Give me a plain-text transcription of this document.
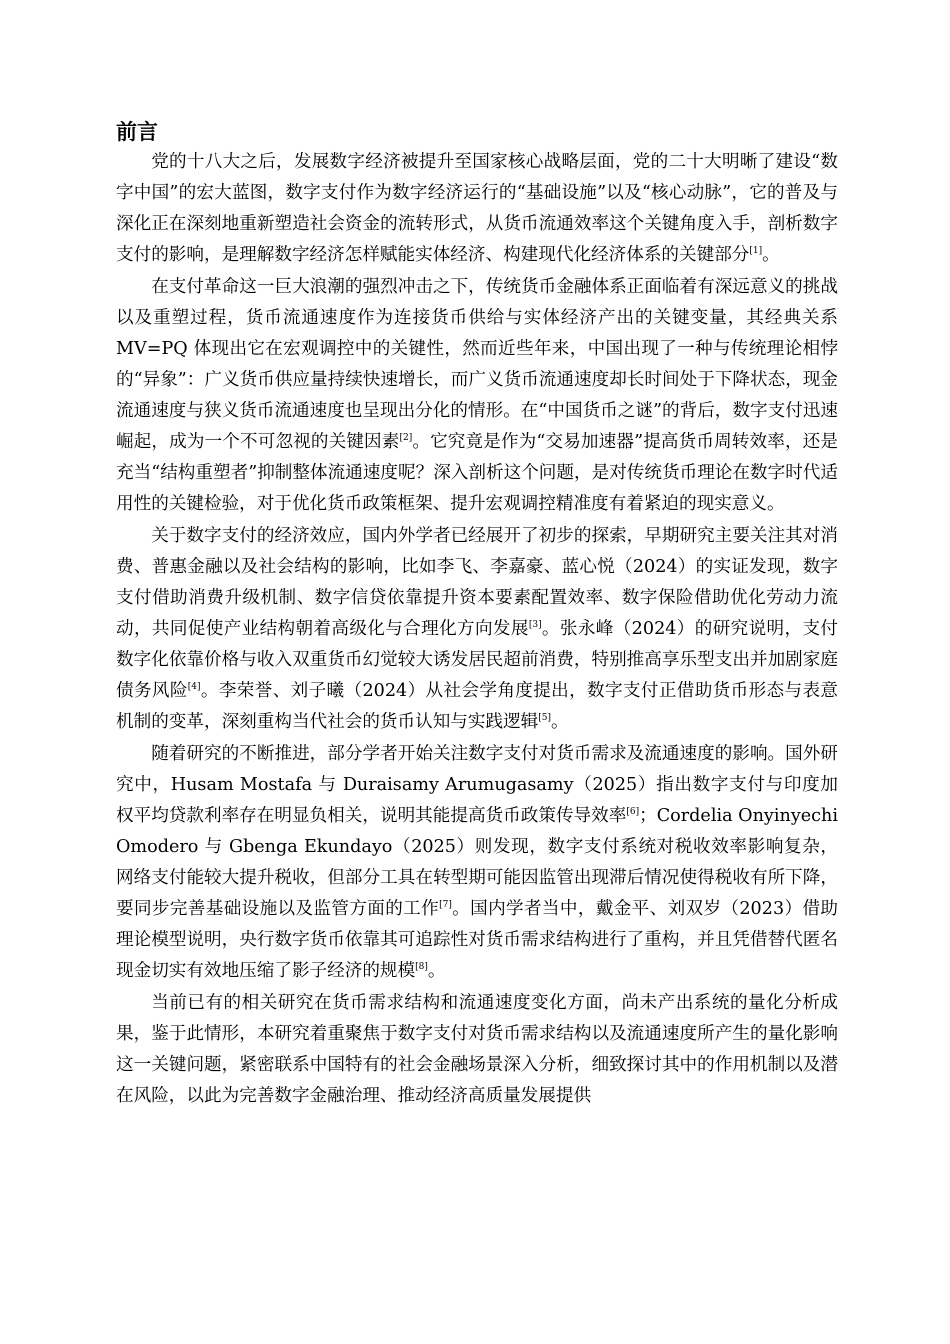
前言

党的十八大之后，发展数字经济被提升至国家核心战略层面，党的二十大明晰了建设“数字中国”的宏大蓝图，数字支付作为数字经济运行的“基础设施”以及“核心动脉”，它的普及与深化正在深刻地重新塑造社会资金的流转形式，从货币流通效率这个关键角度入手，剖析数字支付的影响，是理解数字经济怎样赋能实体经济、构建现代化经济体系的关键部分[1]。

在支付革命这一巨大浪潮的强烈冲击之下，传统货币金融体系正面临着有深远意义的挑战以及重塑过程，货币流通速度作为连接货币供给与实体经济产出的关键变量，其经典关系 MV=PQ 体现出它在宏观调控中的关键性，然而近些年来，中国出现了一种与传统理论相悖的“异象”：广义货币供应量持续快速增长，而广义货币流通速度却长时间处于下降状态，现金流通速度与狭义货币流通速度也呈现出分化的情形。在“中国货币之谜”的背后，数字支付迅速崛起，成为一个不可忽视的关键因素[2]。它究竟是作为“交易加速器”提高货币周转效率，还是充当“结构重塑者”抑制整体流通速度呢？深入剖析这个问题，是对传统货币理论在数字时代适用性的关键检验，对于优化货币政策框架、提升宏观调控精准度有着紧迫的现实意义。

关于数字支付的经济效应，国内外学者已经展开了初步的探索，早期研究主要关注其对消费、普惠金融以及社会结构的影响，比如李飞、李嘉豪、蓝心悦（2024）的实证发现，数字支付借助消费升级机制、数字信贷依靠提升资本要素配置效率、数字保险借助优化劳动力流动，共同促使产业结构朝着高级化与合理化方向发展[3]。张永峰（2024）的研究说明，支付数字化依靠价格与收入双重货币幻觉较大诱发居民超前消费，特别推高享乐型支出并加剧家庭债务风险[4]。李荣誉、刘子曦（2024）从社会学角度提出，数字支付正借助货币形态与表意机制的变革，深刻重构当代社会的货币认知与实践逻辑[5]。

随着研究的不断推进，部分学者开始关注数字支付对货币需求及流通速度的影响。国外研究中，Husam Mostafa 与 Duraisamy Arumugasamy（2025）指出数字支付与印度加权平均贷款利率存在明显负相关，说明其能提高货币政策传导效率[6]；Cordelia Onyinyechi Omodero 与 Gbenga Ekundayo（2025）则发现，数字支付系统对税收效率影响复杂，网络支付能较大提升税收，但部分工具在转型期可能因监管出现滞后情况使得税收有所下降，要同步完善基础设施以及监管方面的工作[7]。国内学者当中，戴金平、刘双岁（2023）借助理论模型说明，央行数字货币依靠其可追踪性对货币需求结构进行了重构，并且凭借替代匿名现金切实有效地压缩了影子经济的规模[8]。

当前已有的相关研究在货币需求结构和流通速度变化方面，尚未产出系统的量化分析成果，鉴于此情形，本研究着重聚焦于数字支付对货币需求结构以及流通速度所产生的量化影响这一关键问题，紧密联系中国特有的社会金融场景深入分析，细致探讨其中的作用机制以及潜在风险，以此为完善数字金融治理、推动经济高质量发展提供
